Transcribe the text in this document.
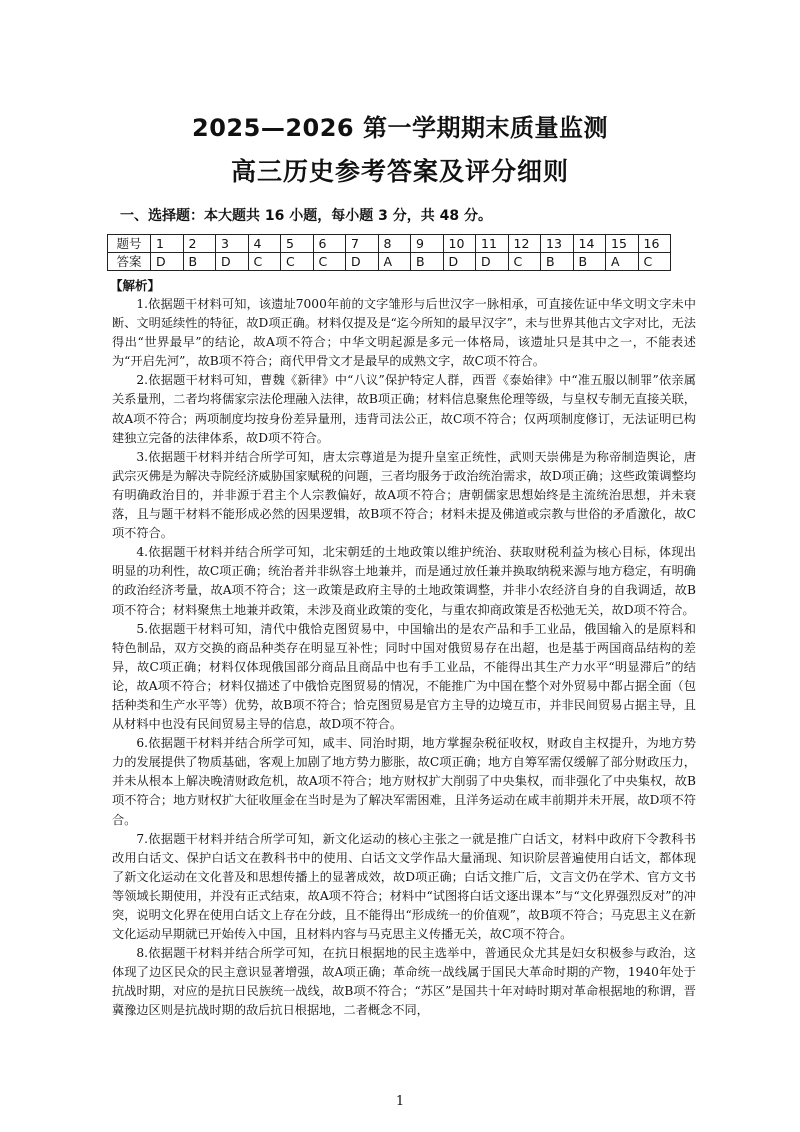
2025—2026 第一学期期末质量监测
高三历史参考答案及评分细则
一、选择题：本大题共 16 小题，每小题 3 分，共 48 分。
题号	1	2	3	4	5	6	7	8	9	10	11	12	13	14	15	16
答案	D	B	D	C	C	C	D	A	B	D	D	C	B	B	A	C
【解析】

1.依据题干材料可知，该遗址7000年前的文字雏形与后世汉字一脉相承，可直接佐证中华文明文字未中断、文明延续性的特征，故D项正确。材料仅提及是“迄今所知的最早汉字”，未与世界其他古文字对比，无法得出“世界最早”的结论，故A项不符合；中华文明起源是多元一体格局，该遗址只是其中之一，不能表述为“开启先河”，故B项不符合；商代甲骨文才是最早的成熟文字，故C项不符合。

2.依据题干材料可知，曹魏《新律》中“八议”保护特定人群，西晋《泰始律》中“准五服以制罪”依亲属关系量刑，二者均将儒家宗法伦理融入法律，故B项正确；材料信息聚焦伦理等级，与皇权专制无直接关联，故A项不符合；两项制度均按身份差异量刑，违背司法公正，故C项不符合；仅两项制度修订，无法证明已构建独立完备的法律体系，故D项不符合。

3.依据题干材料并结合所学可知，唐太宗尊道是为提升皇室正统性，武则天崇佛是为称帝制造舆论，唐武宗灭佛是为解决寺院经济威胁国家赋税的问题，三者均服务于政治统治需求，故D项正确；这些政策调整均有明确政治目的，并非源于君主个人宗教偏好，故A项不符合；唐朝儒家思想始终是主流统治思想，并未衰落，且与题干材料不能形成必然的因果逻辑，故B项不符合；材料未提及佛道或宗教与世俗的矛盾激化，故C项不符合。

4.依据题干材料并结合所学可知，北宋朝廷的土地政策以维护统治、获取财税利益为核心目标，体现出明显的功利性，故C项正确；统治者并非纵容土地兼并，而是通过放任兼并换取纳税来源与地方稳定，有明确的政治经济考量，故A项不符合；这一政策是政府主导的土地政策调整，并非小农经济自身的自我调适，故B项不符合；材料聚焦土地兼并政策，未涉及商业政策的变化，与重农抑商政策是否松弛无关，故D项不符合。

5.依据题干材料可知，清代中俄恰克图贸易中，中国输出的是农产品和手工业品，俄国输入的是原料和特色制品，双方交换的商品种类存在明显互补性；同时中国对俄贸易存在出超，也是基于两国商品结构的差异，故C项正确；材料仅体现俄国部分商品且商品中也有手工业品，不能得出其生产力水平“明显滞后”的结论，故A项不符合；材料仅描述了中俄恰克图贸易的情况，不能推广为中国在整个对外贸易中都占据全面（包括种类和生产水平等）优势，故B项不符合；恰克图贸易是官方主导的边境互市，并非民间贸易占据主导，且从材料中也没有民间贸易主导的信息，故D项不符合。

6.依据题干材料并结合所学可知，咸丰、同治时期，地方掌握杂税征收权，财政自主权提升，为地方势力的发展提供了物质基础，客观上加剧了地方势力膨胀，故C项正确；地方自筹军需仅缓解了部分财政压力，并未从根本上解决晚清财政危机，故A项不符合；地方财权扩大削弱了中央集权，而非强化了中央集权，故B项不符合；地方财权扩大征收厘金在当时是为了解决军需困难，且洋务运动在咸丰前期并未开展，故D项不符合。

7.依据题干材料并结合所学可知，新文化运动的核心主张之一就是推广白话文，材料中政府下令教科书改用白话文、保护白话文在教科书中的使用、白话文文学作品大量涌现、知识阶层普遍使用白话文，都体现了新文化运动在文化普及和思想传播上的显著成效，故D项正确；白话文推广后，文言文仍在学术、官方文书等领域长期使用，并没有正式结束，故A项不符合；材料中“试图将白话文逐出课本”与“文化界强烈反对”的冲突，说明文化界在使用白话文上存在分歧，且不能得出“形成统一的价值观”，故B项不符合；马克思主义在新文化运动早期就已开始传入中国，且材料内容与马克思主义传播无关，故C项不符合。

8.依据题干材料并结合所学可知，在抗日根据地的民主选举中，普通民众尤其是妇女积极参与政治，这体现了边区民众的民主意识显著增强，故A项正确；革命统一战线属于国民大革命时期的产物，1940年处于抗战时期，对应的是抗日民族统一战线，故B项不符合；“苏区”是国共十年对峙时期对革命根据地的称谓，晋冀豫边区则是抗战时期的敌后抗日根据地，二者概念不同，

1
